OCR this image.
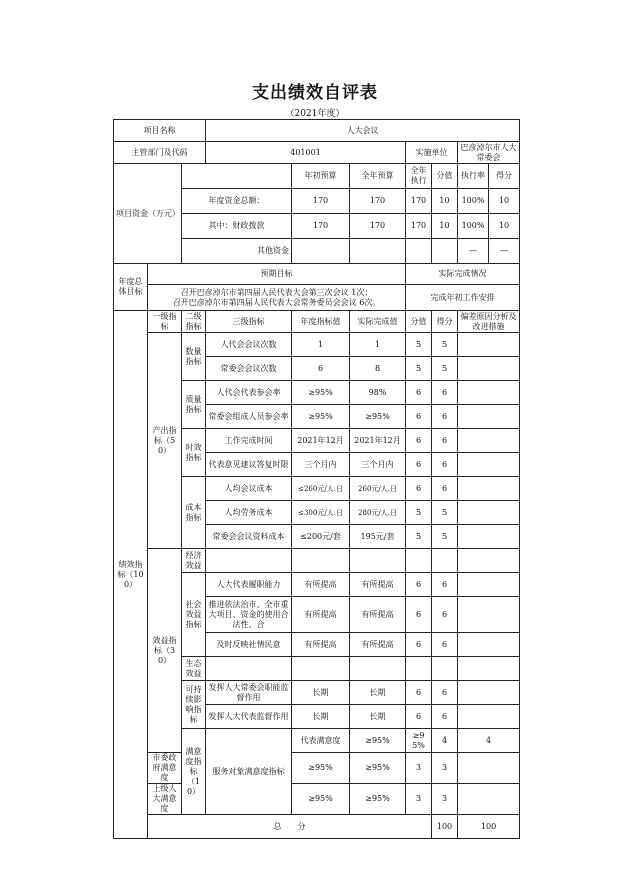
支出绩效自评表
（2021年度）
项目名称			人大会议						
主管部门及代码			401001			实施单位		巴彦淖尔市人大常委会	
项目资金（万元）				年初预算	全年预算	全年执行	分值	执行率 得分	

		年度资金总额：		170	170	170	10	100% 10	

		其中：财政拨款		170	170	170	10	100% 10	

		其他资金						— —	

年度总体目标	预期目标					实际完成情况			

	召开巴彦淖尔市第四届人民代表大会第三次会议 1次；
召开巴彦淖尔市第四届人民代表大会常务委员会会议 6次。					完成年初工作安排			
绩效指标（100）	一级指标	二级指标	三级指标	年度指标值	实际完成值	分值	得分	偏差原因分析及改进措施	
	产出指标（50）	数量指标	人代会会议次数	1	1	5	5		
			常委会会议次数	6	8	5	5		
		质量指标	人代会代表参会率	≥95%	98%	6	6		
			常委会组成人员参会率	≥95%	≥95%	6	6		
		时效指标	工作完成时间	2021年12月	2021年12月	6	6		
			代表意见建议答复时限	三个月内	三个月内	6	6		
		成本指标	人均会议成本	≤260元/人.日	260元/人.日	6	6		
			人均劳务成本	≤300元/人.日	280元/人.日	5	5		
			常委会会议资料成本	≤200元/套	195元/套	5	5		
	效益指标（30）	经济效益							
		社会效益指标	人大代表履职能力	有所提高	有所提高	6	6		
			推进依法治市、全市重大项目、资金的使用合法性、合	有所提高	有所提高	6	6		
			及时反映社情民意	有所提高	有所提高	6	6		
		生态效益							
		可持续影响指标	发挥人大常委会职能监督作用	长期	长期	6	6		
			发挥人大代表监督作用	长期	长期	6	6		
		满意度指标（10）	服务对象满意度指标	代表满意度	≥95%	≥95%	4	4	
	市委政府满意度			≥95%	≥95%	3	3		
	上级人大满意度			≥95%	≥95%	3	3		
	总　　分						100	100	
